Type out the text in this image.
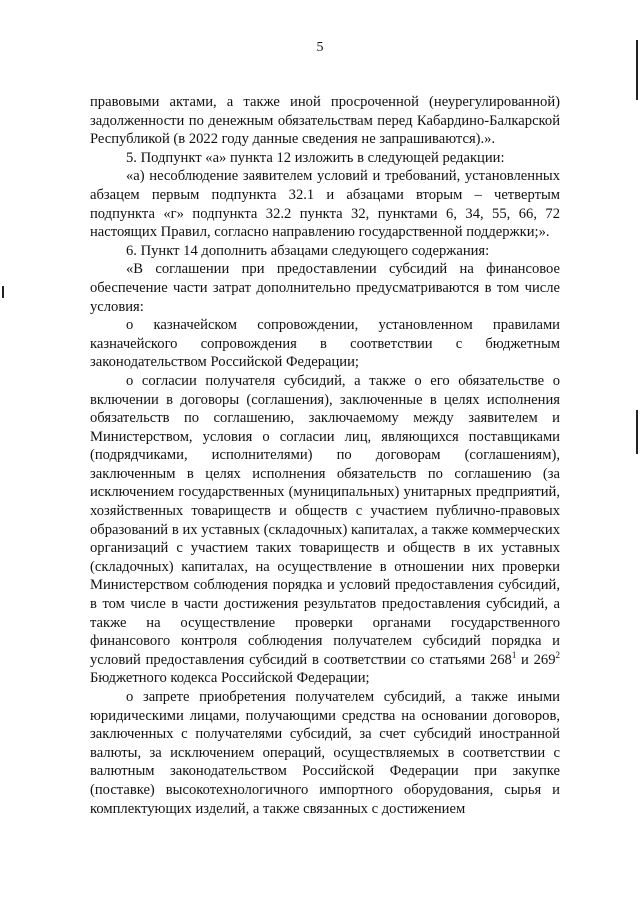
5

правовыми актами, а также иной просроченной (неурегулированной) задолженности по денежным обязательствам перед Кабардино-Балкарской Республикой (в 2022 году данные сведения не запрашиваются).».

5. Подпункт «а» пункта 12 изложить в следующей редакции:

«а) несоблюдение заявителем условий и требований, установленных абзацем первым подпункта 32.1 и абзацами вторым – четвертым подпункта «г» подпункта 32.2 пункта 32, пунктами 6, 34, 55, 66, 72 настоящих Правил, согласно направлению государственной поддержки;».

6. Пункт 14 дополнить абзацами следующего содержания:

«В соглашении при предоставлении субсидий на финансовое обеспечение части затрат дополнительно предусматриваются в том числе условия:

о казначейском сопровождении, установленном правилами казначейского сопровождения в соответствии с бюджетным законодательством Российской Федерации;

о согласии получателя субсидий, а также о его обязательстве о включении в договоры (соглашения), заключенные в целях исполнения обязательств по соглашению, заключаемому между заявителем и Министерством, условия о согласии лиц, являющихся поставщиками (подрядчиками, исполнителями) по договорам (соглашениям), заключенным в целях исполнения обязательств по соглашению (за исключением государственных (муниципальных) унитарных предприятий, хозяйственных товариществ и обществ с участием публично-правовых образований в их уставных (складочных) капиталах, а также коммерческих организаций с участием таких товариществ и обществ в их уставных (складочных) капиталах, на осуществление в отношении них проверки Министерством соблюдения порядка и условий предоставления субсидий, в том числе в части достижения результатов предоставления субсидий, а также на осуществление проверки органами государственного финансового контроля соблюдения получателем субсидий порядка и условий предоставления субсидий в соответствии со статьями $268^1$ и $269^2$ Бюджетного кодекса Российской Федерации;

о запрете приобретения получателем субсидий, а также иными юридическими лицами, получающими средства на основании договоров, заключенных с получателями субсидий, за счет субсидий иностранной валюты, за исключением операций, осуществляемых в соответствии с валютным законодательством Российской Федерации при закупке (поставке) высокотехнологичного импортного оборудования, сырья и комплектующих изделий, а также связанных с достижением
